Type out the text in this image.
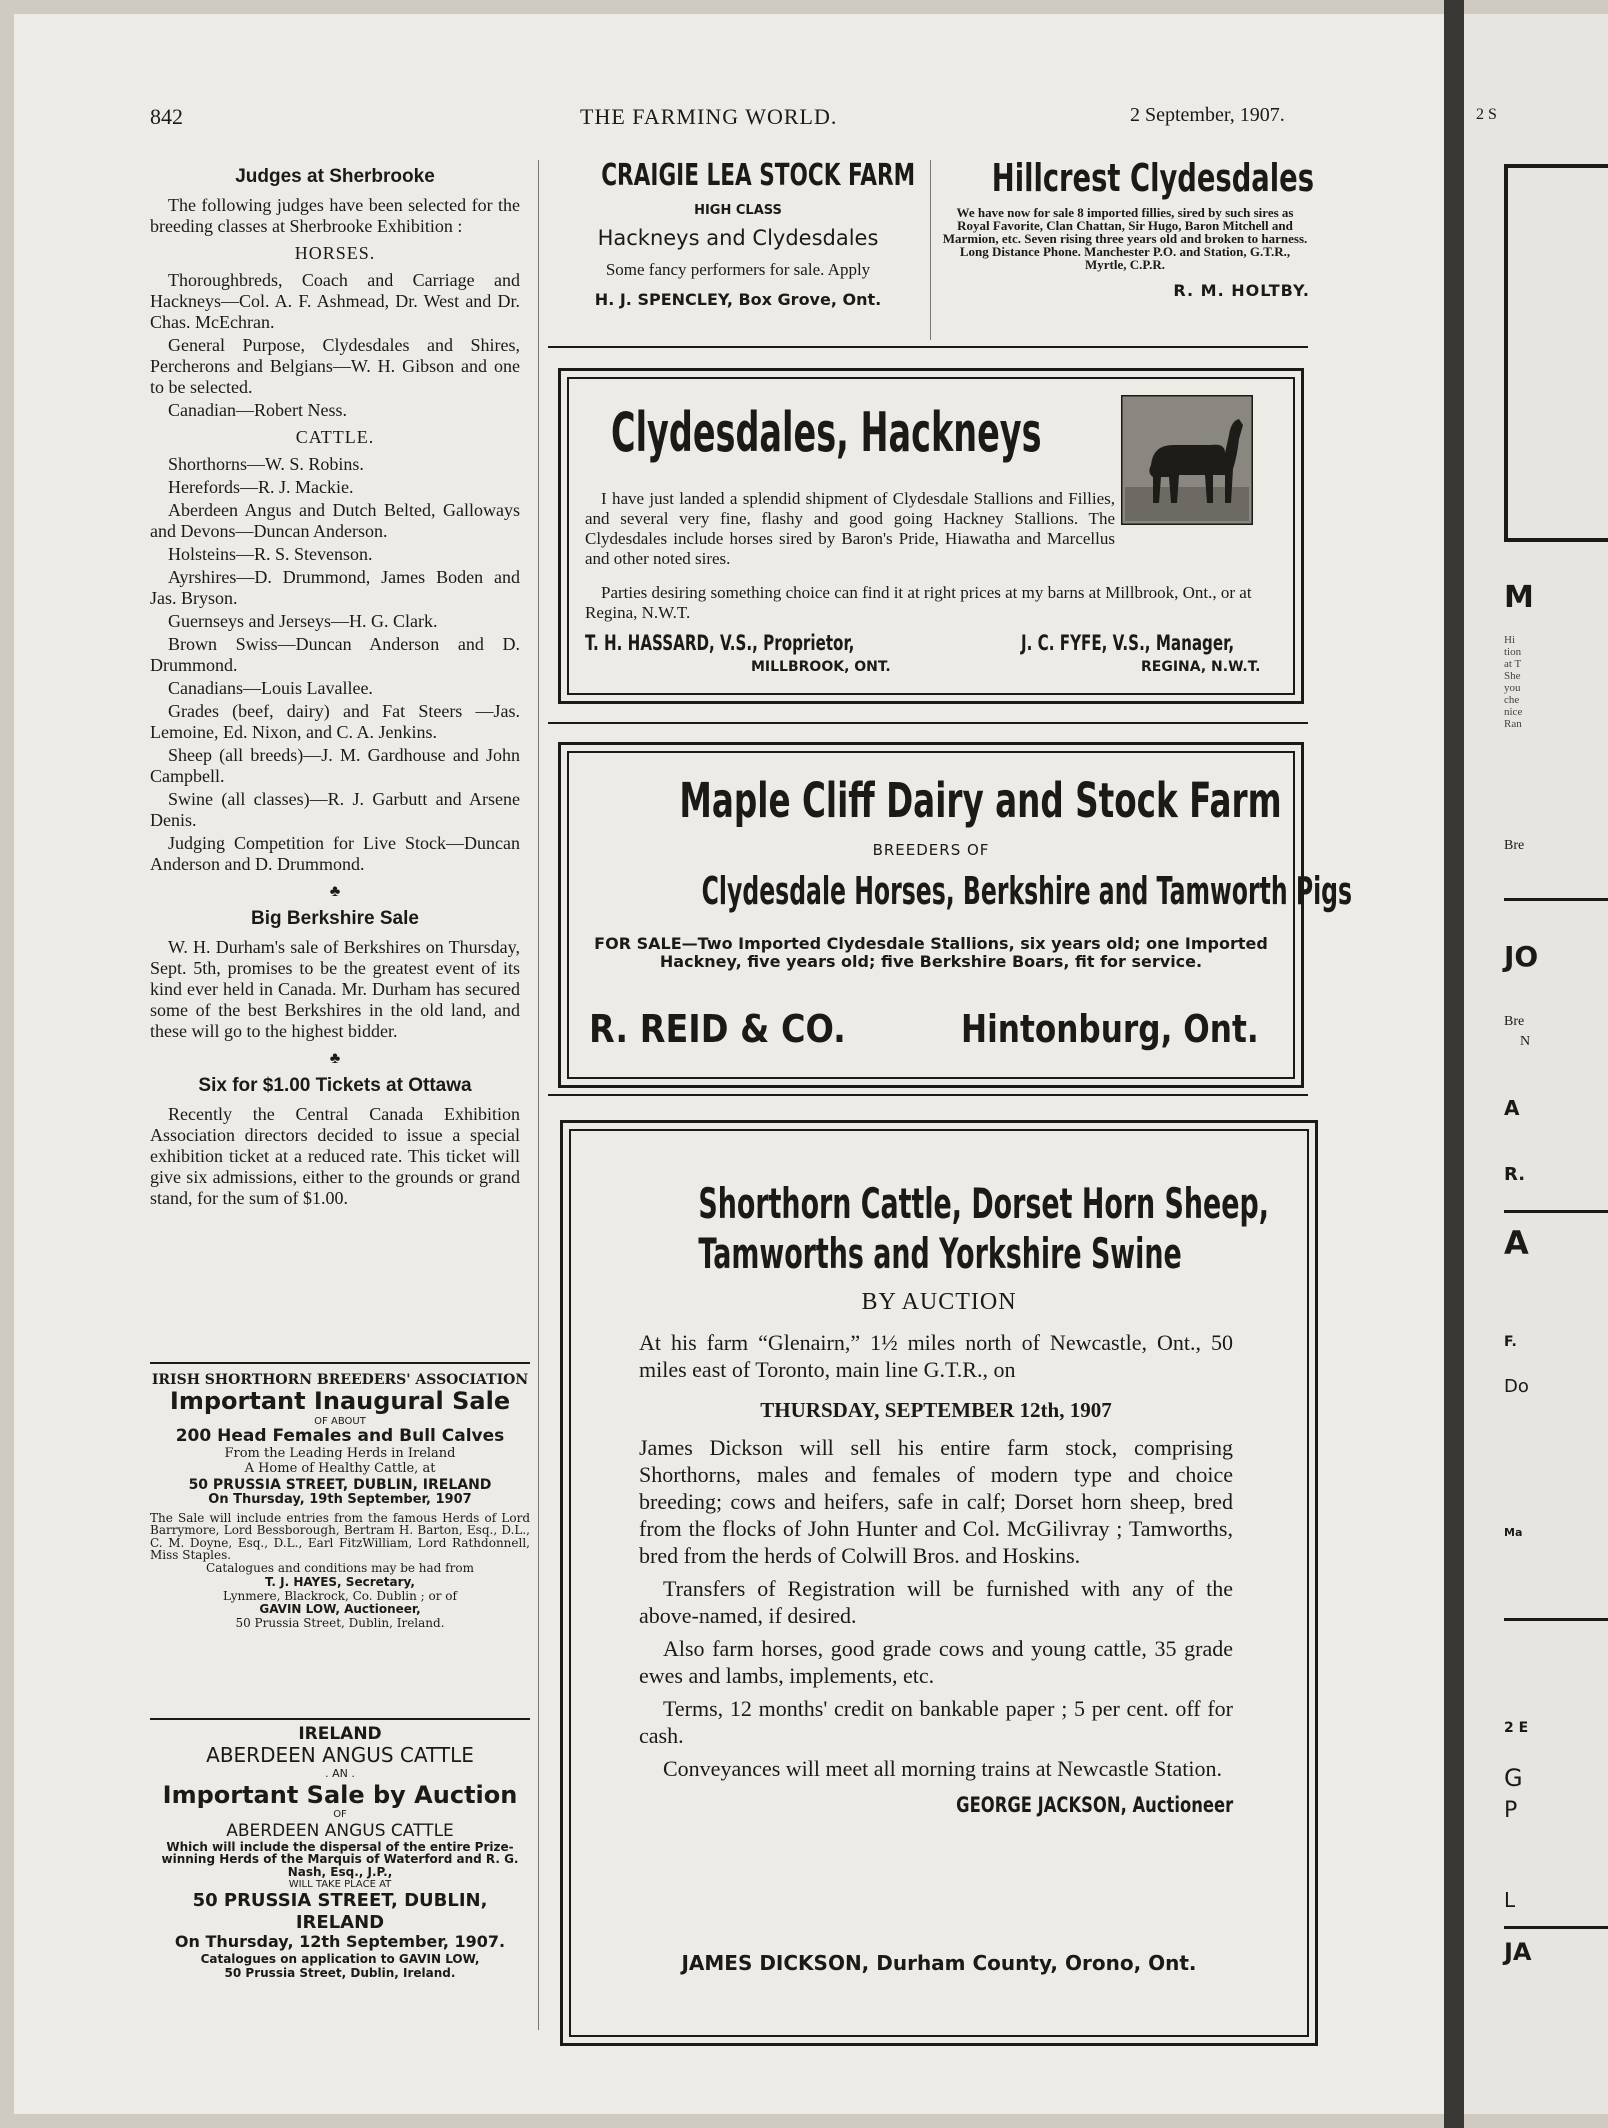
842	THE FARMING WORLD.	2 September, 1907.

Judges at Sherbrooke

The following judges have been selected for the breeding classes at Sherbrooke Exhibition :

HORSES.

Thoroughbreds, Coach and Carriage and Hackneys—Col. A. F. Ashmead, Dr. West and Dr. Chas. McEchran.

General Purpose, Clydesdales and Shires, Percherons and Belgians—W. H. Gibson and one to be selected.

Canadian—Robert Ness.

CATTLE.

Shorthorns—W. S. Robins.

Herefords—R. J. Mackie.

Aberdeen Angus and Dutch Belted, Galloways and Devons—Duncan Anderson.

Holsteins—R. S. Stevenson.

Ayrshires—D. Drummond, James Boden and Jas. Bryson.

Guernseys and Jerseys—H. G. Clark.

Brown Swiss—Duncan Anderson and D. Drummond.

Canadians—Louis Lavallee.

Grades (beef, dairy) and Fat Steers —Jas. Lemoine, Ed. Nixon, and C. A. Jenkins.

Sheep (all breeds)—J. M. Gardhouse and John Campbell.

Swine (all classes)—R. J. Garbutt and Arsene Denis.

Judging Competition for Live Stock—Duncan Anderson and D. Drummond.

♣

Big Berkshire Sale

W. H. Durham's sale of Berkshires on Thursday, Sept. 5th, promises to be the greatest event of its kind ever held in Canada. Mr. Durham has secured some of the best Berkshires in the old land, and these will go to the highest bidder.

♣

Six for $1.00 Tickets at Ottawa

Recently the Central Canada Exhibition Association directors decided to issue a special exhibition ticket at a reduced rate. This ticket will give six admissions, either to the grounds or grand stand, for the sum of $1.00.

IRISH SHORTHORN BREEDERS' ASSOCIATION
Important Inaugural Sale
OF ABOUT
200 Head Females and Bull Calves
From the Leading Herds in Ireland
A Home of Healthy Cattle, at
50 PRUSSIA STREET, DUBLIN, IRELAND
On Thursday, 19th September, 1907
The Sale will include entries from the famous Herds of Lord Barrymore, Lord Bessborough, Bertram H. Barton, Esq., D.L., C. M. Doyne, Esq., D.L., Earl FitzWilliam, Lord Rathdonnell, Miss Staples.
Catalogues and conditions may be had from
T. J. HAYES, Secretary,
Lynmere, Blackrock, Co. Dublin ; or of
GAVIN LOW, Auctioneer,
50 Prussia Street, Dublin, Ireland.
IRELAND
ABERDEEN ANGUS CATTLE
. AN .
Important Sale by Auction
OF
ABERDEEN ANGUS CATTLE
Which will include the dispersal of the entire Prize-winning Herds of the Marquis of Waterford and R. G. Nash, Esq., J.P.,
WILL TAKE PLACE AT
50 PRUSSIA STREET, DUBLIN, IRELAND
On Thursday, 12th September, 1907.
Catalogues on application to GAVIN LOW,
50 Prussia Street, Dublin, Ireland.
CRAIGIE LEA STOCK FARM
HIGH CLASS
Hackneys and Clydesdales
Some fancy performers for sale. Apply
H. J. SPENCLEY, Box Grove, Ont.
Hillcrest Clydesdales
We have now for sale 8 imported fillies, sired by such sires as Royal Favorite, Clan Chattan, Sir Hugo, Baron Mitchell and Marmion, etc. Seven rising three years old and broken to harness. Long Distance Phone. Manchester P.O. and Station, G.T.R., Myrtle, C.P.R.
R. M. HOLTBY.
Clydesdales, Hackneys
I have just landed a splendid shipment of Clydesdale Stallions and Fillies, and several very fine, flashy and good going Hackney Stallions. The Clydesdales include horses sired by Baron's Pride, Hiawatha and Marcellus and other noted sires.
Parties desiring something choice can find it at right prices at my barns at Millbrook, Ont., or at Regina, N.W.T.
T. H. HASSARD, V.S., Proprietor,
MILLBROOK, ONT.
J. C. FYFE, V.S., Manager,
REGINA, N.W.T.
Maple Cliff Dairy and Stock Farm
BREEDERS OF
Clydesdale Horses, Berkshire and Tamworth Pigs
FOR SALE—Two Imported Clydesdale Stallions, six years old; one Imported Hackney, five years old; five Berkshire Boars, fit for service.
R. REID & CO.	Hintonburg, Ont.
Shorthorn Cattle, Dorset Horn Sheep,
Tamworths and Yorkshire Swine
BY AUCTION
At his farm “Glenairn,” 1½ miles north of Newcastle, Ont., 50 miles east of Toronto, main line G.T.R., on
THURSDAY, SEPTEMBER 12th, 1907
James Dickson will sell his entire farm stock, comprising Shorthorns, males and females of modern type and choice breeding; cows and heifers, safe in calf; Dorset horn sheep, bred from the flocks of John Hunter and Col. McGilivray ; Tamworths, bred from the herds of Colwill Bros. and Hoskins.
Transfers of Registration will be furnished with any of the above-named, if desired.
Also farm horses, good grade cows and young cattle, 35 grade ewes and lambs, implements, etc.
Terms, 12 months' credit on bankable paper ; 5 per cent. off for cash.
Conveyances will meet all morning trains at Newcastle Station.
GEORGE JACKSON, Auctioneer
JAMES DICKSON, Durham County, Orono, Ont.
2 S
M
Hi
tion
at T
She
you
che
nice
Ran
Bre
JO
Bre
N
A
R.
A
F.
Do
Ma
2 E
G
P
L
JA
